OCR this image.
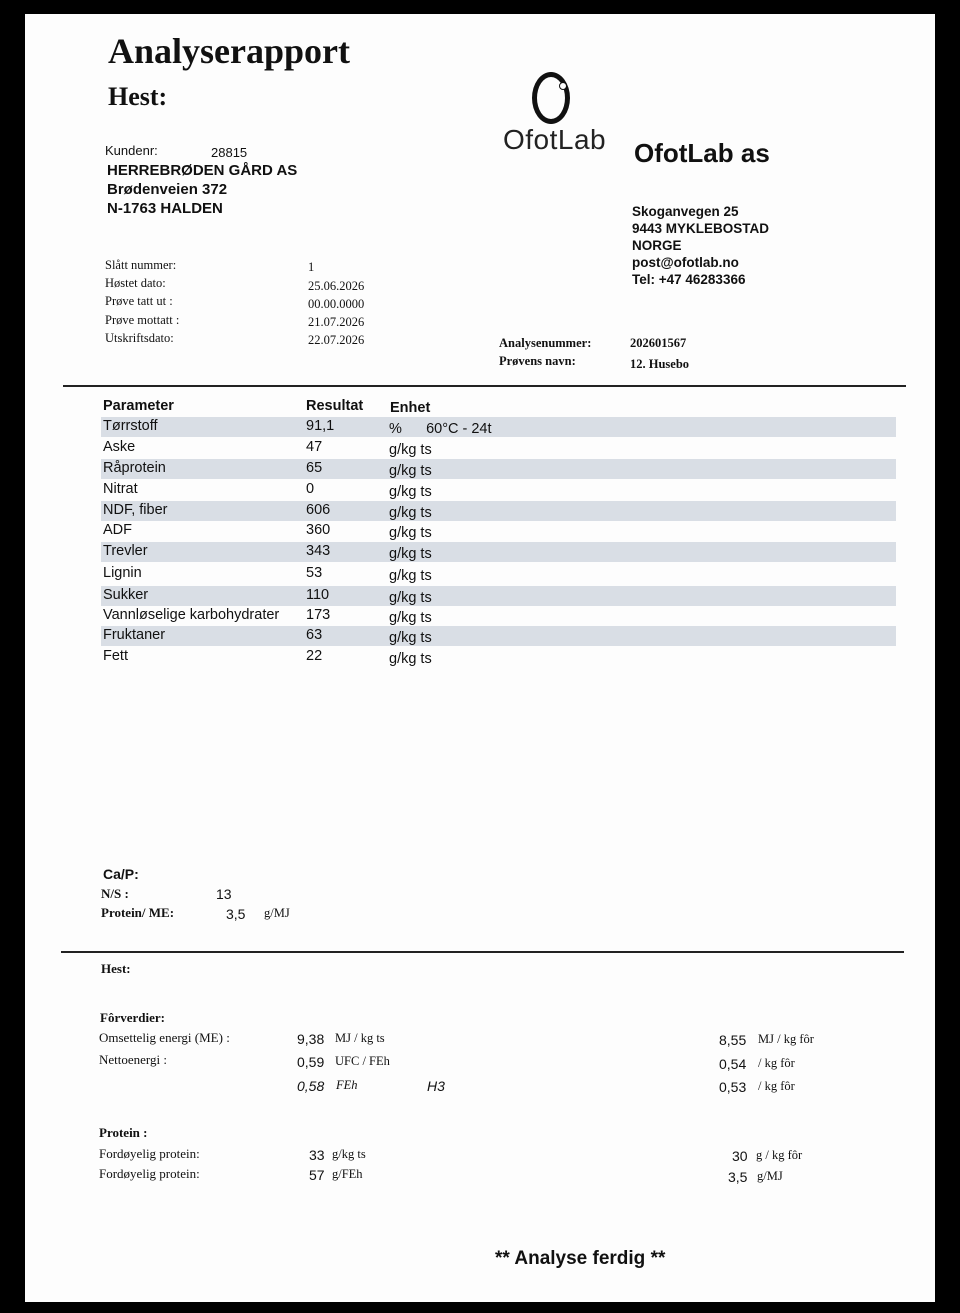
Analyserapport
Hest:
Kundenr:	28815
HERREBRØDEN GÅRD AS
Brødenveien 372
N-1763 HALDEN
Slått nummer:	1
Høstet dato:	25.06.2026
Prøve tatt ut :	00.00.0000
Prøve mottatt :	21.07.2026
Utskriftsdato:	22.07.2026
OfotLab OfotLab as
Skoganvegen 25
9443 MYKLEBOSTAD
NORGE
post@ofotlab.no
Tel: +47 46283366
Analysenummer:	202601567
Prøvens navn:	12. Husebo
Parameter	Resultat Enhet
Tørrstoff	91,1	%      60°C - 24t
Aske	47	g/kg ts
Råprotein	65	g/kg ts
Nitrat	0	g/kg ts
NDF, fiber	606	g/kg ts
ADF	360	g/kg ts
Trevler	343	g/kg ts
Lignin	53	g/kg ts
Sukker	110	g/kg ts
Vannløselige karbohydrater 173	g/kg ts
Fruktaner	63	g/kg ts
Fett	22	g/kg ts
Ca/P:
N/S :	13
Protein/ ME:	3,5 g/MJ
Hest:
Fôrverdier:
Omsettelig energi (ME) :	9,38 MJ / kg ts	8,55 MJ / kg fôr
Nettoenergi :	0,59 UFC / FEh	0,54 / kg fôr
0,58 FEh	H3	0,53 / kg fôr
Protein :
Fordøyelig protein:	33 g/kg ts	30 g / kg fôr
Fordøyelig protein:	57 g/FEh	3,5 g/MJ
** Analyse ferdig **
